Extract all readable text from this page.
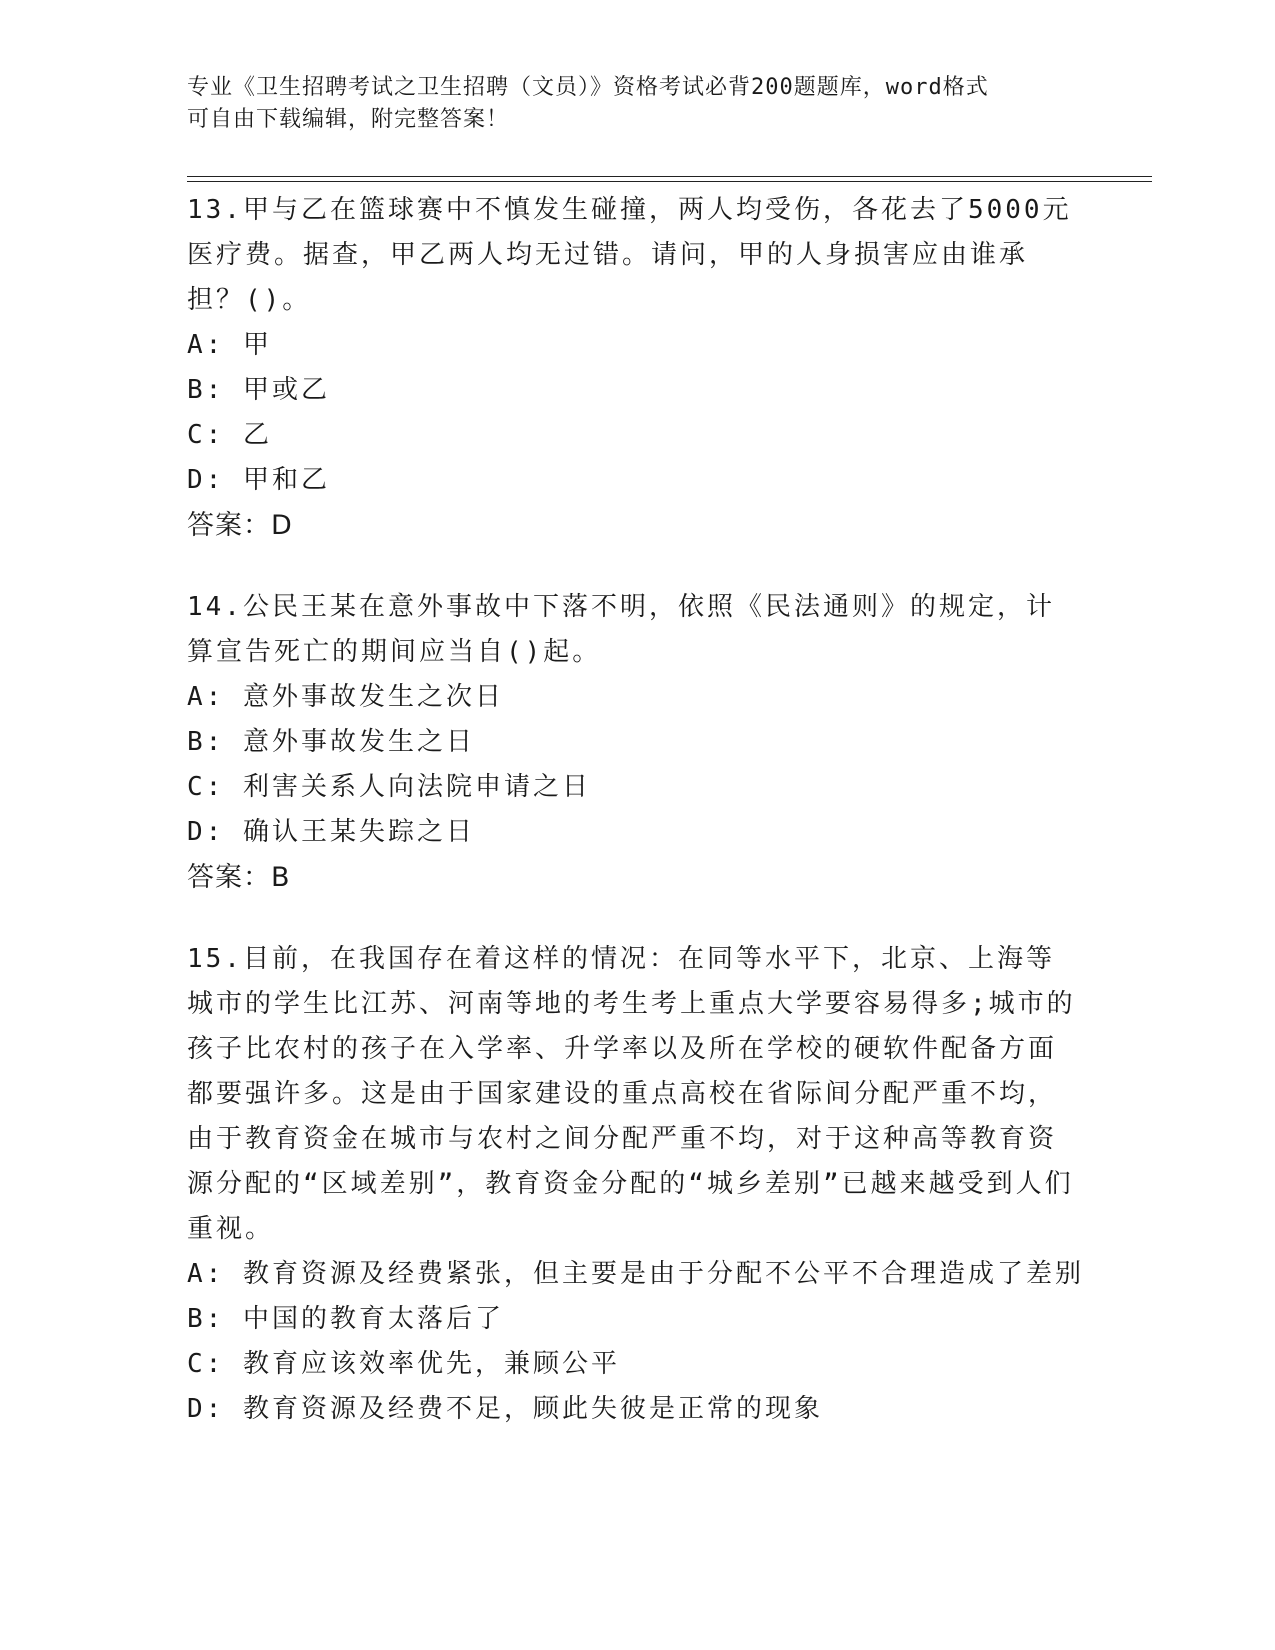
专业《卫生招聘考试之卫生招聘（文员）》资格考试必背200题题库，word格式
可自由下载编辑，附完整答案！
13.甲与乙在篮球赛中不慎发生碰撞，两人均受伤，各花去了5000元医疗费。据查，甲乙两人均无过错。请问，甲的人身损害应由谁承担？()。
A: 甲
B: 甲或乙
C: 乙
D: 甲和乙
答案：D
14.公民王某在意外事故中下落不明，依照《民法通则》的规定，计算宣告死亡的期间应当自()起。
A: 意外事故发生之次日
B: 意外事故发生之日
C: 利害关系人向法院申请之日
D: 确认王某失踪之日
答案：B
15.目前，在我国存在着这样的情况：在同等水平下，北京、上海等城市的学生比江苏、河南等地的考生考上重点大学要容易得多;城市的孩子比农村的孩子在入学率、升学率以及所在学校的硬软件配备方面都要强许多。这是由于国家建设的重点高校在省际间分配严重不均，由于教育资金在城市与农村之间分配严重不均，对于这种高等教育资源分配的“区域差别”，教育资金分配的“城乡差别”已越来越受到人们重视。
A: 教育资源及经费紧张，但主要是由于分配不公平不合理造成了差别
B: 中国的教育太落后了
C: 教育应该效率优先，兼顾公平
D: 教育资源及经费不足，顾此失彼是正常的现象
